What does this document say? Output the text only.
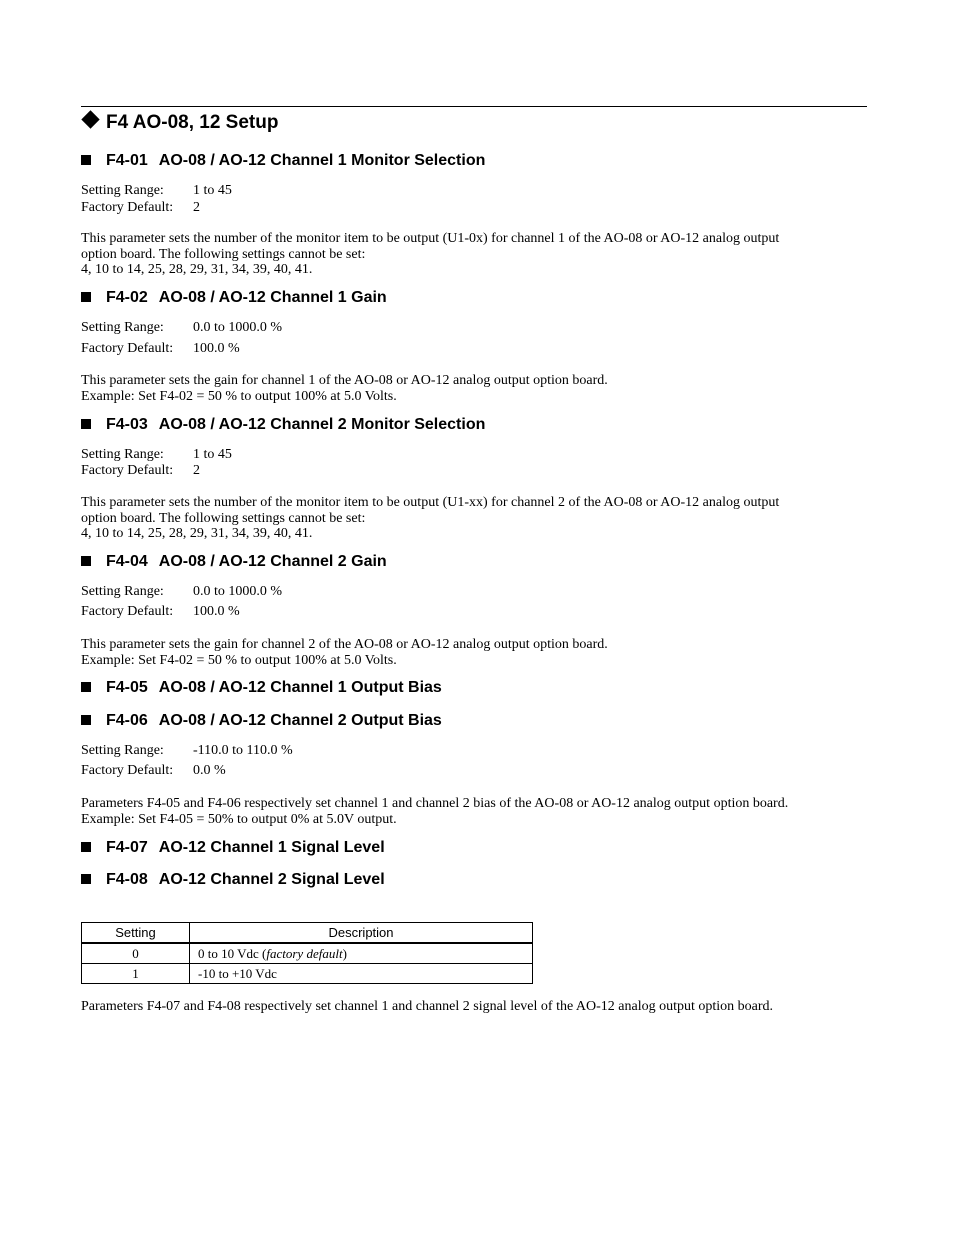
F4 AO-08, 12 Setup
F4-01 AO-08 / AO-12 Channel 1 Monitor Selection
Setting Range: 1 to 45
Factory Default: 2
This parameter sets the number of the monitor item to be output (U1-0x) for channel 1 of the AO-08 or AO-12 analog output
option board. The following settings cannot be set:
4, 10 to 14, 25, 28, 29, 31, 34, 39, 40, 41.
F4-02 AO-08 / AO-12 Channel 1 Gain
Setting Range: 0.0 to 1000.0 %
Factory Default: 100.0 %
This parameter sets the gain for channel 1 of the AO-08 or AO-12 analog output option board.
Example: Set F4-02 = 50 % to output 100% at 5.0 Volts.
F4-03 AO-08 / AO-12 Channel 2 Monitor Selection
Setting Range: 1 to 45
Factory Default: 2
This parameter sets the number of the monitor item to be output (U1-xx) for channel 2 of the AO-08 or AO-12 analog output
option board. The following settings cannot be set:
4, 10 to 14, 25, 28, 29, 31, 34, 39, 40, 41.
F4-04 AO-08 / AO-12 Channel 2 Gain
Setting Range: 0.0 to 1000.0 %
Factory Default: 100.0 %
This parameter sets the gain for channel 2 of the AO-08 or AO-12 analog output option board.
Example: Set F4-02 = 50 % to output 100% at 5.0 Volts.
F4-05 AO-08 / AO-12 Channel 1 Output Bias
F4-06 AO-08 / AO-12 Channel 2 Output Bias
Setting Range: -110.0 to 110.0 %
Factory Default: 0.0 %
Parameters F4-05 and F4-06 respectively set channel 1 and channel 2 bias of the AO-08 or AO-12 analog output option board.
Example: Set F4-05 = 50% to output 0% at 5.0V output.
F4-07 AO-12 Channel 1 Signal Level
F4-08 AO-12 Channel 2 Signal Level
Setting	Description
0	0 to 10 Vdc (factory default)
1	-10 to +10 Vdc
Parameters F4-07 and F4-08 respectively set channel 1 and channel 2 signal level of the AO-12 analog output option board.
